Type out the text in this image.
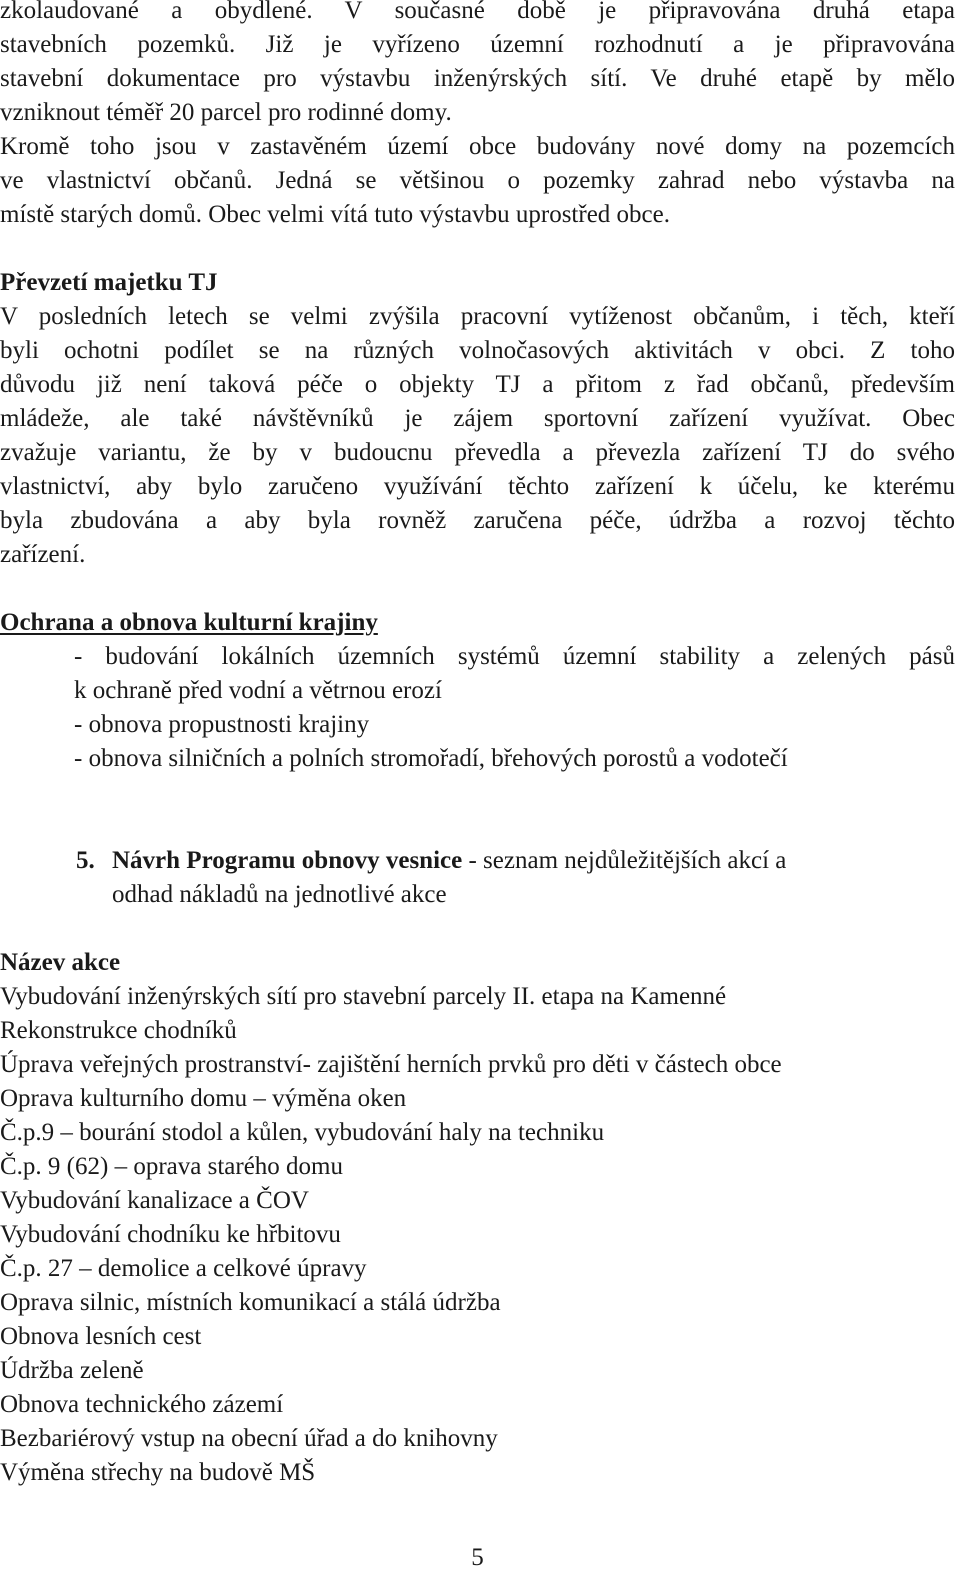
zkolaudované a obydlené. V současné době je připravována druhá etapa

stavebních pozemků. Již je vyřízeno územní rozhodnutí a je připravována

stavební dokumentace pro výstavbu inženýrských sítí. Ve druhé etapě by mělo

vzniknout téměř 20 parcel pro rodinné domy.

Kromě toho jsou v zastavěném území obce budovány nové domy na pozemcích

ve vlastnictví občanů. Jedná se většinou o pozemky zahrad nebo výstavba na

místě starých domů. Obec velmi vítá tuto výstavbu uprostřed obce.

Převzetí majetku TJ

V posledních letech se velmi zvýšila pracovní vytíženost občanům, i těch, kteří

byli ochotni podílet se na různých volnočasových aktivitách v obci. Z toho

důvodu již není taková péče o objekty TJ a přitom z řad občanů, především

mládeže, ale také návštěvníků je zájem sportovní zařízení využívat. Obec

zvažuje variantu, že by v budoucnu převedla a převezla zařízení TJ do svého

vlastnictví, aby bylo zaručeno využívání těchto zařízení k účelu, ke kterému

byla zbudována a aby byla rovněž zaručena péče, údržba a rozvoj těchto

zařízení.

Ochrana a obnova kulturní krajiny

- budování lokálních územních systémů územní stability a zelených pásů

k ochraně před vodní a větrnou erozí

- obnova propustnosti krajiny

- obnova silničních a polních stromořadí, břehových porostů a vodotečí

5. Návrh Programu obnovy vesnice - seznam nejdůležitějších akcí a
odhad nákladů na jednotlivé akce

Název akce

Vybudování inženýrských sítí pro stavební parcely II. etapa na Kamenné

Rekonstrukce chodníků

Úprava veřejných prostranství- zajištění herních prvků pro děti v částech obce

Oprava kulturního domu – výměna oken

Č.p.9 – bourání stodol a kůlen, vybudování haly na techniku

Č.p. 9 (62) – oprava starého domu

Vybudování kanalizace a ČOV

Vybudování chodníku ke hřbitovu

Č.p. 27 – demolice a celkové úpravy

Oprava silnic, místních komunikací a stálá údržba

Obnova lesních cest

Údržba zeleně

Obnova technického zázemí

Bezbariérový vstup na obecní úřad a do knihovny

Výměna střechy na budově MŠ

5
